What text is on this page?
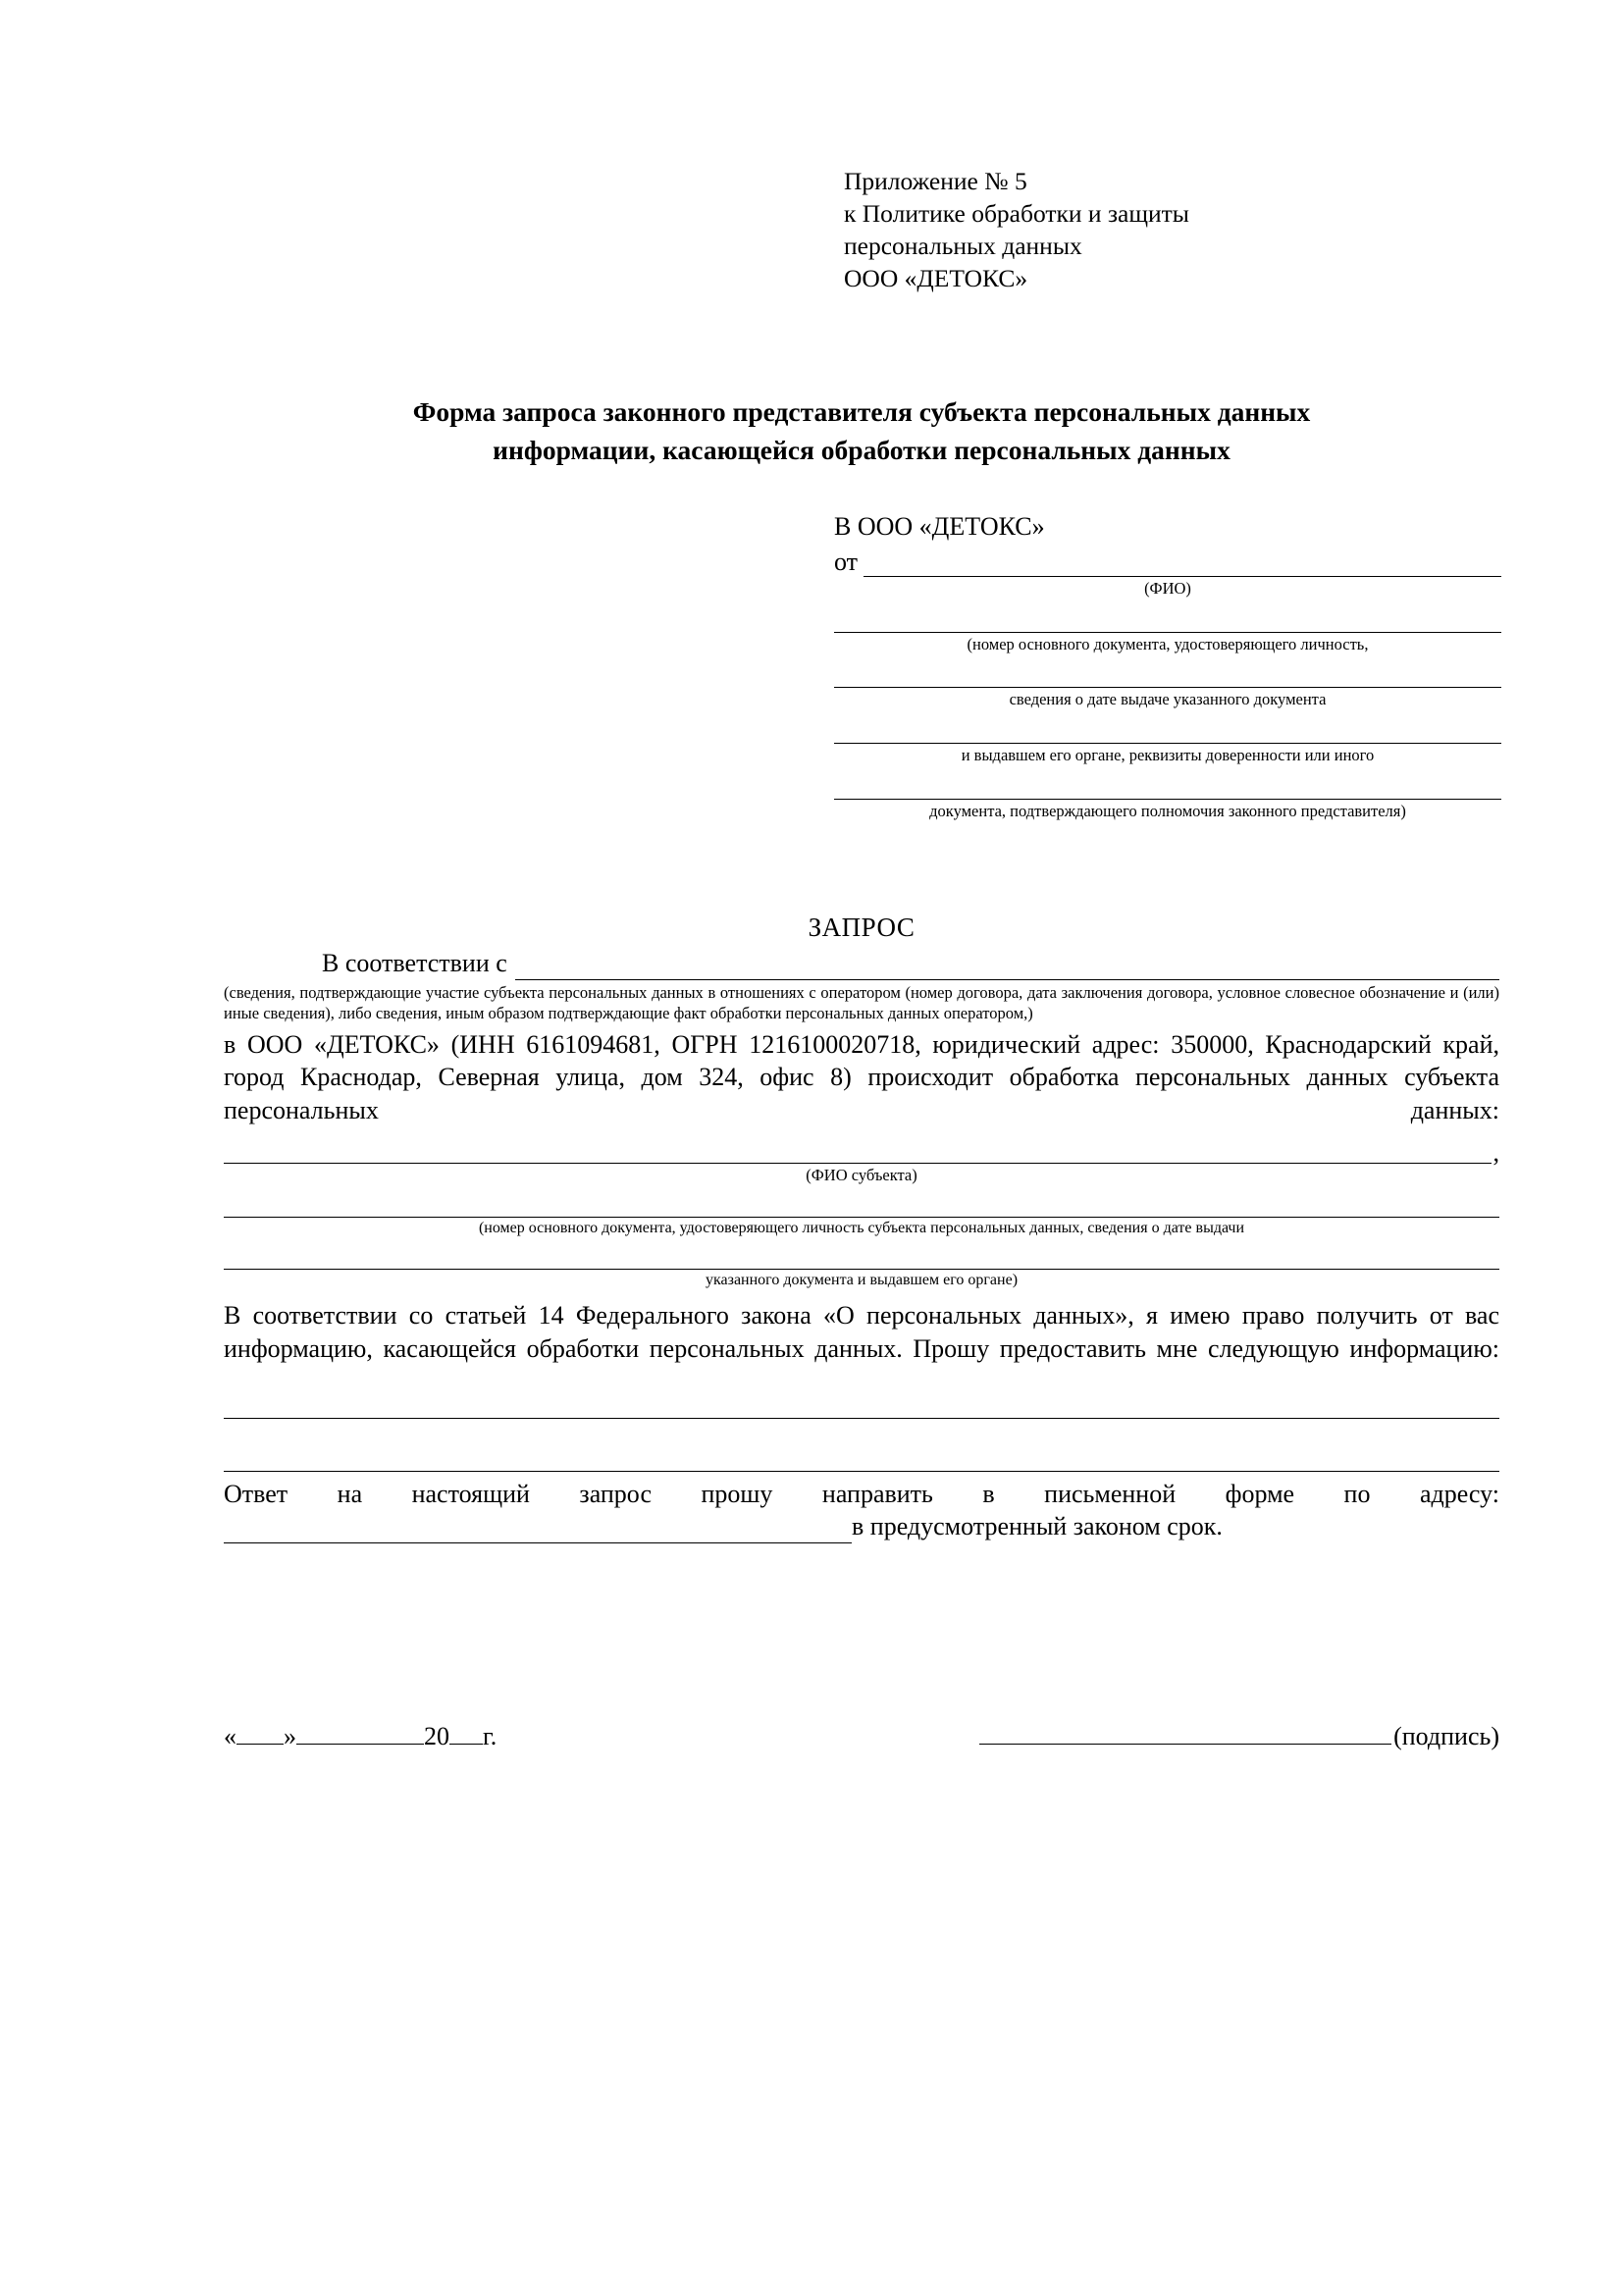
Приложение № 5
к Политике обработки и защиты
персональных данных
ООО «ДЕТОКС»
Форма запроса законного представителя субъекта персональных данных
информации, касающейся обработки персональных данных
В ООО «ДЕТОКС»
от
(ФИО)
(номер основного документа, удостоверяющего личность,
сведения о дате выдаче указанного документа
и выдавшем его органе, реквизиты доверенности или иного
документа, подтверждающего полномочия законного представителя)
ЗАПРОС
В соответствии с
(сведения, подтверждающие участие субъекта персональных данных в отношениях с оператором (номер договора, дата заключения договора, условное словесное обозначение и (или) иные сведения), либо сведения, иным образом подтверждающие факт обработки персональных данных оператором,)
в ООО «ДЕТОКС» (ИНН 6161094681, ОГРН 1216100020718, юридический адрес: 350000, Краснодарский край, город Краснодар, Северная улица, дом 324, офис 8) происходит обработка персональных данных субъекта персональных данных:
,
(ФИО субъекта)
(номер основного документа, удостоверяющего личность субъекта персональных данных, сведения о дате выдачи
указанного документа и выдавшем его органе)
В соответствии со статьей 14 Федерального закона «О персональных данных», я имею право получить от вас информацию, касающейся обработки персональных данных. Прошу предоставить мне следующую информацию:
Ответ на настоящий запрос прошу направить в письменной форме по адресу:
в предусмотренный законом срок.
« »	20 г.	(подпись)
